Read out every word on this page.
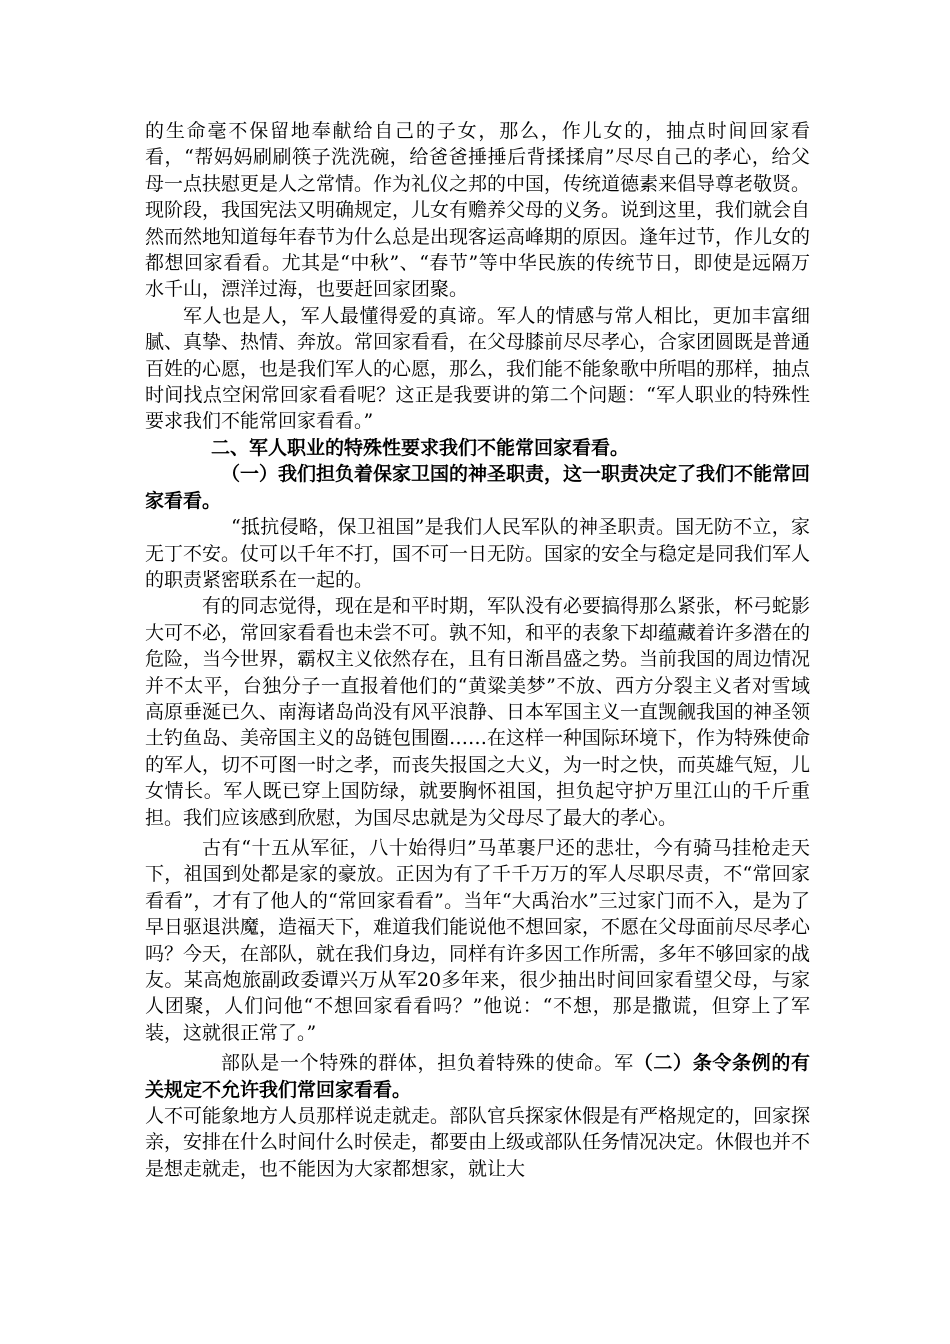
的生命毫不保留地奉献给自己的子女，那么，作儿女的，抽点时间回家看看，“帮妈妈刷刷筷子洗洗碗，给爸爸捶捶后背揉揉肩”尽尽自己的孝心，给父母一点扶慰更是人之常情。作为礼仪之邦的中国，传统道德素来倡导尊老敬贤。现阶段，我国宪法又明确规定，儿女有赡养父母的义务。说到这里，我们就会自然而然地知道每年春节为什么总是出现客运高峰期的原因。逢年过节，作儿女的都想回家看看。尤其是“中秋”、“春节”等中华民族的传统节日，即使是远隔万水千山，漂洋过海，也要赶回家团聚。

军人也是人，军人最懂得爱的真谛。军人的情感与常人相比，更加丰富细腻、真挚、热情、奔放。常回家看看，在父母膝前尽尽孝心，合家团圆既是普通百姓的心愿，也是我们军人的心愿，那么，我们能不能象歌中所唱的那样，抽点时间找点空闲常回家看看呢？这正是我要讲的第二个问题：“军人职业的特殊性要求我们不能常回家看看。”

二、军人职业的特殊性要求我们不能常回家看看。

（一）我们担负着保家卫国的神圣职责，这一职责决定了我们不能常回家看看。

“抵抗侵略，保卫祖国”是我们人民军队的神圣职责。国无防不立，家无丁不安。仗可以千年不打，国不可一日无防。国家的安全与稳定是同我们军人的职责紧密联系在一起的。

有的同志觉得，现在是和平时期，军队没有必要搞得那么紧张，杯弓蛇影大可不必，常回家看看也未尝不可。孰不知，和平的表象下却蕴藏着许多潜在的危险，当今世界，霸权主义依然存在，且有日渐昌盛之势。当前我国的周边情况并不太平，台独分子一直报着他们的“黄粱美梦”不放、西方分裂主义者对雪域高原垂涎已久、南海诸岛尚没有风平浪静、日本军国主义一直觊觎我国的神圣领土钓鱼岛、美帝国主义的岛链包围圈……在这样一种国际环境下，作为特殊使命的军人，切不可图一时之孝，而丧失报国之大义，为一时之快，而英雄气短，儿女情长。军人既已穿上国防绿，就要胸怀祖国，担负起守护万里江山的千斤重担。我们应该感到欣慰，为国尽忠就是为父母尽了最大的孝心。

古有“十五从军征，八十始得归”马革裹尸还的悲壮，今有骑马挂枪走天下，祖国到处都是家的豪放。正因为有了千千万万的军人尽职尽责，不“常回家看看”，才有了他人的“常回家看看”。当年“大禹治水”三过家门而不入，是为了早日驱退洪魔，造福天下，难道我们能说他不想回家，不愿在父母面前尽尽孝心吗？今天，在部队，就在我们身边，同样有许多因工作所需，多年不够回家的战友。某高炮旅副政委谭兴万从军20多年来，很少抽出时间回家看望父母，与家人团聚，人们问他“不想回家看看吗？”他说：“不想，那是撒谎，但穿上了军装，这就很正常了。”

部队是一个特殊的群体，担负着特殊的使命。军（二）条令条例的有关规定不允许我们常回家看看。

人不可能象地方人员那样说走就走。部队官兵探家休假是有严格规定的，回家探亲，安排在什么时间什么时侯走，都要由上级或部队任务情况决定。休假也并不是想走就走，也不能因为大家都想家，就让大
